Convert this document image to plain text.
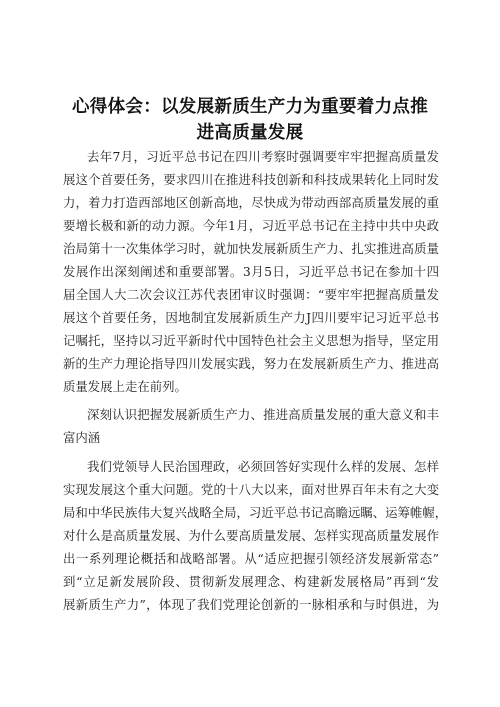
心得体会：以发展新质生产力为重要着力点推
进高质量发展
去年7月，习近平总书记在四川考察时强调要牢牢把握高质量发
展这个首要任务，要求四川在推进科技创新和科技成果转化上同时发
力，着力打造西部地区创新高地，尽快成为带动西部高质量发展的重
要增长极和新的动力源。今年1月，习近平总书记在主持中共中央政
治局第十一次集体学习时，就加快发展新质生产力、扎实推进高质量
发展作出深刻阐述和重要部署。3月5日，习近平总书记在参加十四
届全国人大二次会议江苏代表团审议时强调：“要牢牢把握高质量发
展这个首要任务，因地制宜发展新质生产力J四川要牢记习近平总书
记嘱托，坚持以习近平新时代中国特色社会主义思想为指导，坚定用
新的生产力理论指导四川发展实践，努力在发展新质生产力、推进高
质量发展上走在前列。
深刻认识把握发展新质生产力、推进高质量发展的重大意义和丰
富内涵
我们党领导人民治国理政，必须回答好实现什么样的发展、怎样
实现发展这个重大问题。党的十八大以来，面对世界百年未有之大变
局和中华民族伟大复兴战略全局，习近平总书记高瞻远瞩、运筹帷幄，
对什么是高质量发展、为什么要高质量发展、怎样实现高质量发展作
出一系列理论概括和战略部署。从“适应把握引领经济发展新常态”
到“立足新发展阶段、贯彻新发展理念、构建新发展格局”再到“发
展新质生产力”，体现了我们党理论创新的一脉相承和与时俱进，为
